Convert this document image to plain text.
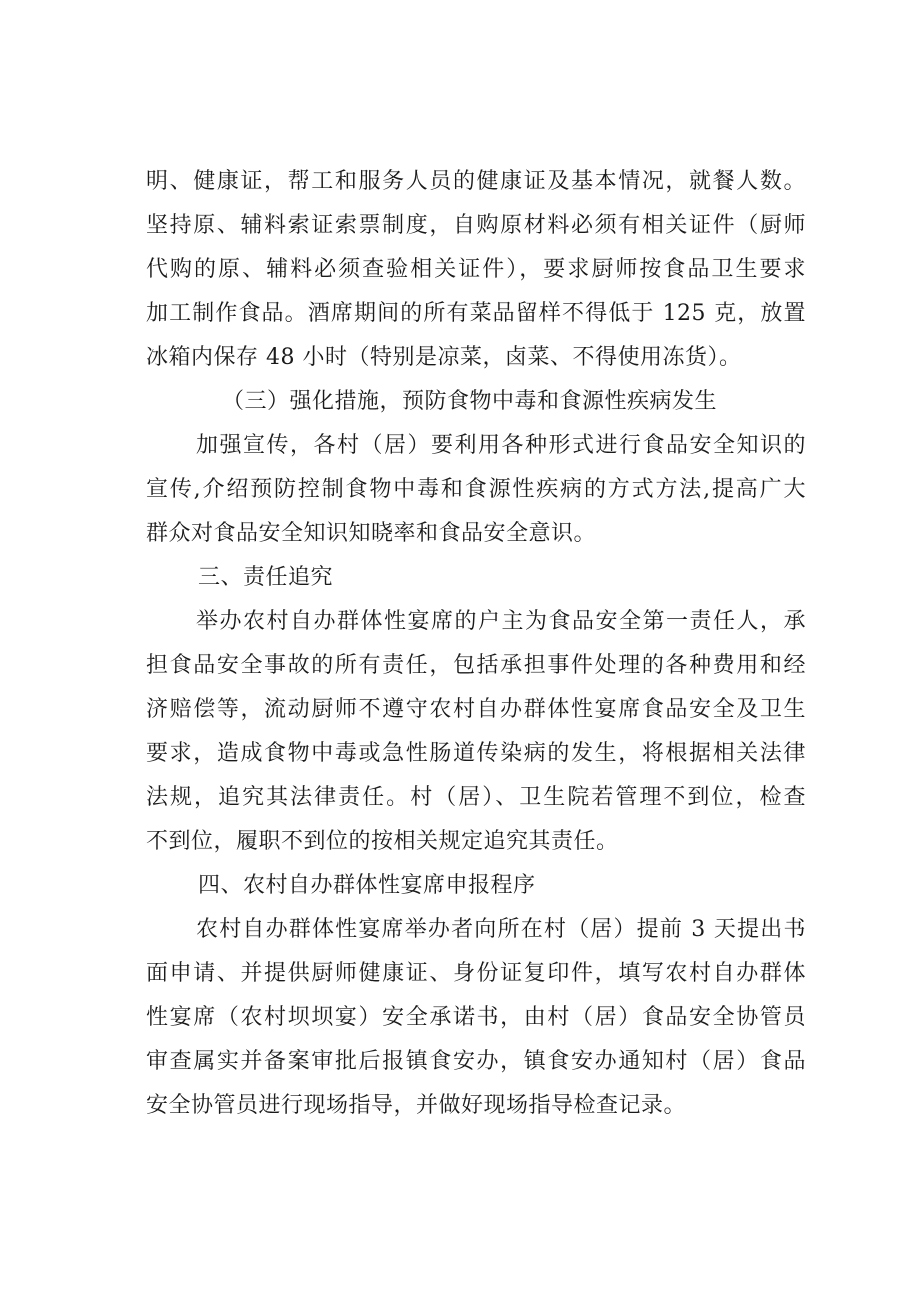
明、健康证，帮工和服务人员的健康证及基本情况，就餐人数。
坚持原、辅料索证索票制度，自购原材料必须有相关证件（厨师
代购的原、辅料必须查验相关证件），要求厨师按食品卫生要求
加工制作食品。酒席期间的所有菜品留样不得低于 125 克，放置
冰箱内保存 48 小时（特别是凉菜，卤菜、不得使用冻货）。
（三）强化措施，预防食物中毒和食源性疾病发生
加强宣传，各村（居）要利用各种形式进行食品安全知识的
宣传,介绍预防控制食物中毒和食源性疾病的方式方法,提高广大
群众对食品安全知识知晓率和食品安全意识。
三、责任追究
举办农村自办群体性宴席的户主为食品安全第一责任人，承
担食品安全事故的所有责任，包括承担事件处理的各种费用和经
济赔偿等，流动厨师不遵守农村自办群体性宴席食品安全及卫生
要求，造成食物中毒或急性肠道传染病的发生，将根据相关法律
法规，追究其法律责任。村（居）、卫生院若管理不到位，检查
不到位，履职不到位的按相关规定追究其责任。
四、农村自办群体性宴席申报程序
农村自办群体性宴席举办者向所在村（居）提前 3 天提出书
面申请、并提供厨师健康证、身份证复印件，填写农村自办群体
性宴席（农村坝坝宴）安全承诺书，由村（居）食品安全协管员
审查属实并备案审批后报镇食安办，镇食安办通知村（居）食品
安全协管员进行现场指导，并做好现场指导检查记录。
